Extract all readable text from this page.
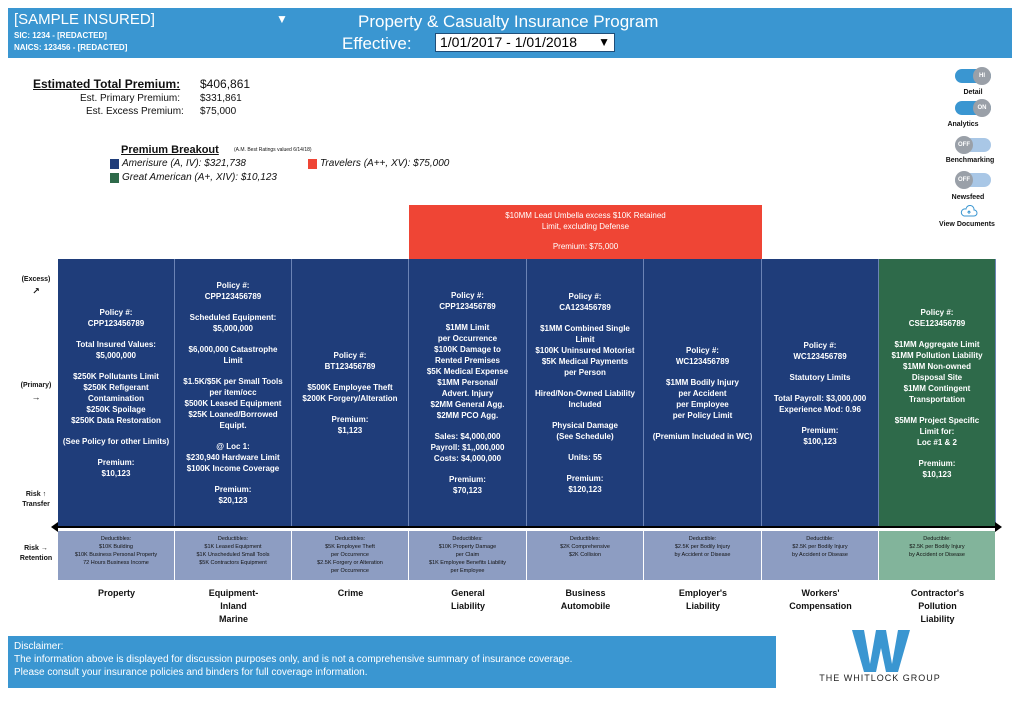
[SAMPLE INSURED]	▼
SIC: 1234 - [REDACTED]
NAICS: 123456 - [REDACTED]
Property & Casualty Insurance Program
Effective:	1/01/2017 - 1/01/2018 ▼
Estimated Total Premium: $406,861
Est. Primary Premium: $331,861
Est. Excess Premium: $75,000
Premium Breakout	(A.M. Best Ratings valued 6/14/18)
Amerisure (A, IV): $321,738
Great American (A+, XIV): $10,123
Travelers (A++, XV): $75,000
HI
Detail
ON
Analytics
OFF
Benchmarking
OFF
Newsfeed
View Documents
$10MM Lead Umbella excess $10K Retained
Limit, excluding Defense
Premium: $75,000
(Excess)
↗
(Primary)
→
Risk ↑
Transfer
Risk →
Retention
Policy #:
CPP123456789
Total Insured Values:
$5,000,000
$250K Pollutants Limit
$250K Refigerant
Contamination
$250K Spoilage
$250K Data Restoration
(See Policy for other Limits)
Premium:
$10,123
Deductibles:
$10K Building
$10K Business Personal Property
72 Hours Business Income
Property
Policy #:
CPP123456789
Scheduled Equipment:
$5,000,000
$6,000,000 Catastrophe
Limit
$1.5K/$5K per Small Tools
per item/occ
$500K Leased Equipment
$25K Loaned/Borrowed
Equipt.
@ Loc 1:
$230,940 Hardware Limit
$100K Income Coverage
Premium:
$20,123
Deductibles:
$1K Leased Equipment
$1K Unscheduled Small Tools
$5K Contractors Equipment
Equipment-
Inland
Marine
Policy #:
BT123456789
$500K Employee Theft
$200K Forgery/Alteration
Premium:
$1,123
Deductibles:
$5K Employee Theft
per Occurrence
$2.5K Forgery or Alteration
per Occurrence
Crime
Policy #:
CPP123456789
$1MM Limit
per Occurrence
$100K Damage to
Rented Premises
$5K Medical Expense
$1MM Personal/
Advert. Injury
$2MM General Agg.
$2MM PCO Agg.
Sales: $4,000,000
Payroll: $1,,000,000
Costs: $4,000,000
Premium:
$70,123
Deductibles:
$10K Property Damage
per Claim
$1K Employee Benefits Liability
per Employee
General
Liability
Policy #:
CA123456789
$1MM Combined Single
Limit
$100K Uninsured Motorist
$5K Medical Payments
per Person
Hired/Non-Owned Liability
Included
Physical Damage
(See Schedule)
Units: 55
Premium:
$120,123
Deductibles:
$2K Comprehensive
$2K Collision
Business
Automobile
Policy #:
WC123456789
$1MM Bodily Injury
per Accident
per Employee
per Policy Limit
(Premium Included in WC)
Deductible:
$2.5K per Bodily Injury
by Accident or Disease
Employer's
Liability
Policy #:
WC123456789
Statutory Limits
Total Payroll: $3,000,000
Experience Mod: 0.96
Premium:
$100,123
Deductible:
$2.5K per Bodily Injury
by Accident or Disease
Workers'
Compensation
Policy #:
CSE123456789
$1MM Aggregate Limit
$1MM Pollution Liability
$1MM Non-owned
Disposal Site
$1MM Contingent
Transportation
$5MM Project Specific
Limit for:
Loc #1 & 2
Premium:
$10,123
Deductible:
$2.5K per Bodily Injury
by Accident or Disease
Contractor's
Pollution
Liability
Disclaimer:
The information above is displayed for discussion purposes only, and is not a comprehensive summary of insurance coverage.
Please consult your insurance policies and binders for full coverage information.	THE WHITLOCK GROUP
